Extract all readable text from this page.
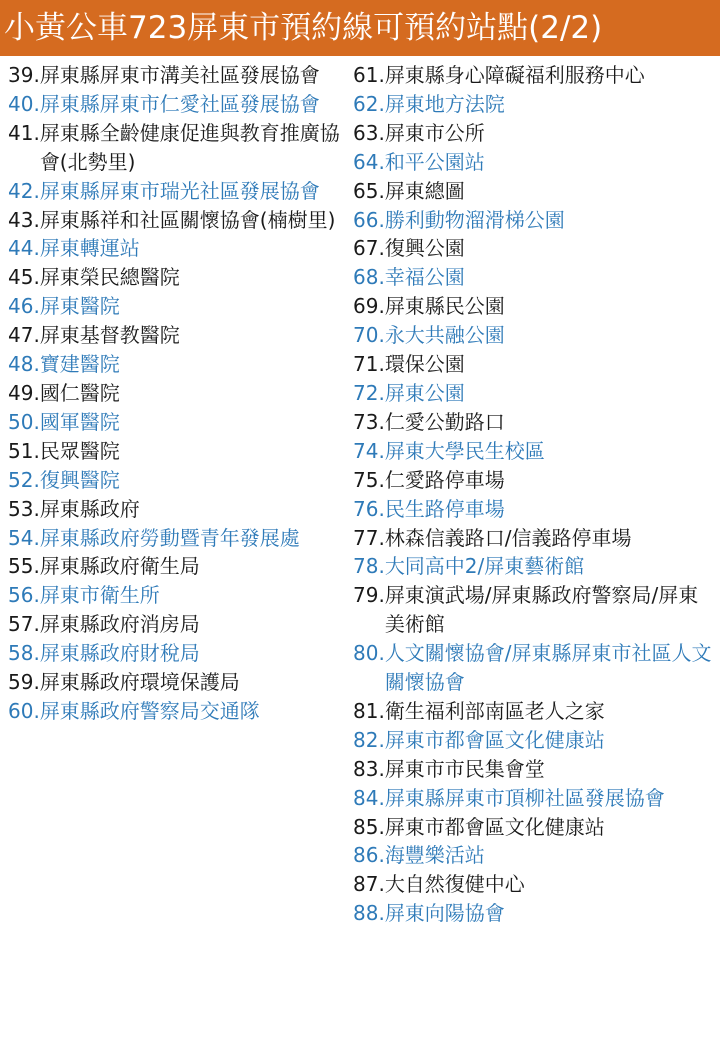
小黃公車723屏東市預約線可預約站點(2/2)
39. 屏東縣屏東市溝美社區發展協會
40. 屏東縣屏東市仁愛社區發展協會
41. 屏東縣全齡健康促進與教育推廣協會(北勢里)
42. 屏東縣屏東市瑞光社區發展協會
43. 屏東縣祥和社區關懷協會(楠樹里)
44. 屏東轉運站
45. 屏東榮民總醫院
46. 屏東醫院
47. 屏東基督教醫院
48. 寶建醫院
49. 國仁醫院
50. 國軍醫院
51. 民眾醫院
52. 復興醫院
53. 屏東縣政府
54. 屏東縣政府勞動暨青年發展處
55. 屏東縣政府衛生局
56. 屏東市衛生所
57. 屏東縣政府消房局
58. 屏東縣政府財稅局
59. 屏東縣政府環境保護局
60. 屏東縣政府警察局交通隊
61. 屏東縣身心障礙福利服務中心
62. 屏東地方法院
63. 屏東市公所
64. 和平公園站
65. 屏東總圖
66. 勝利動物溜滑梯公園
67. 復興公園
68. 幸福公園
69. 屏東縣民公園
70. 永大共融公園
71. 環保公園
72. 屏東公園
73. 仁愛公勤路口
74. 屏東大學民生校區
75. 仁愛路停車場
76. 民生路停車場
77. 林森信義路口/信義路停車場
78. 大同高中2/屏東藝術館
79. 屏東演武場/屏東縣政府警察局/屏東美術館
80. 人文關懷協會/屏東縣屏東市社區人文關懷協會
81. 衛生福利部南區老人之家
82. 屏東市都會區文化健康站
83. 屏東市市民集會堂
84. 屏東縣屏東市頂柳社區發展協會
85. 屏東市都會區文化健康站
86. 海豐樂活站
87. 大自然復健中心
88. 屏東向陽協會
